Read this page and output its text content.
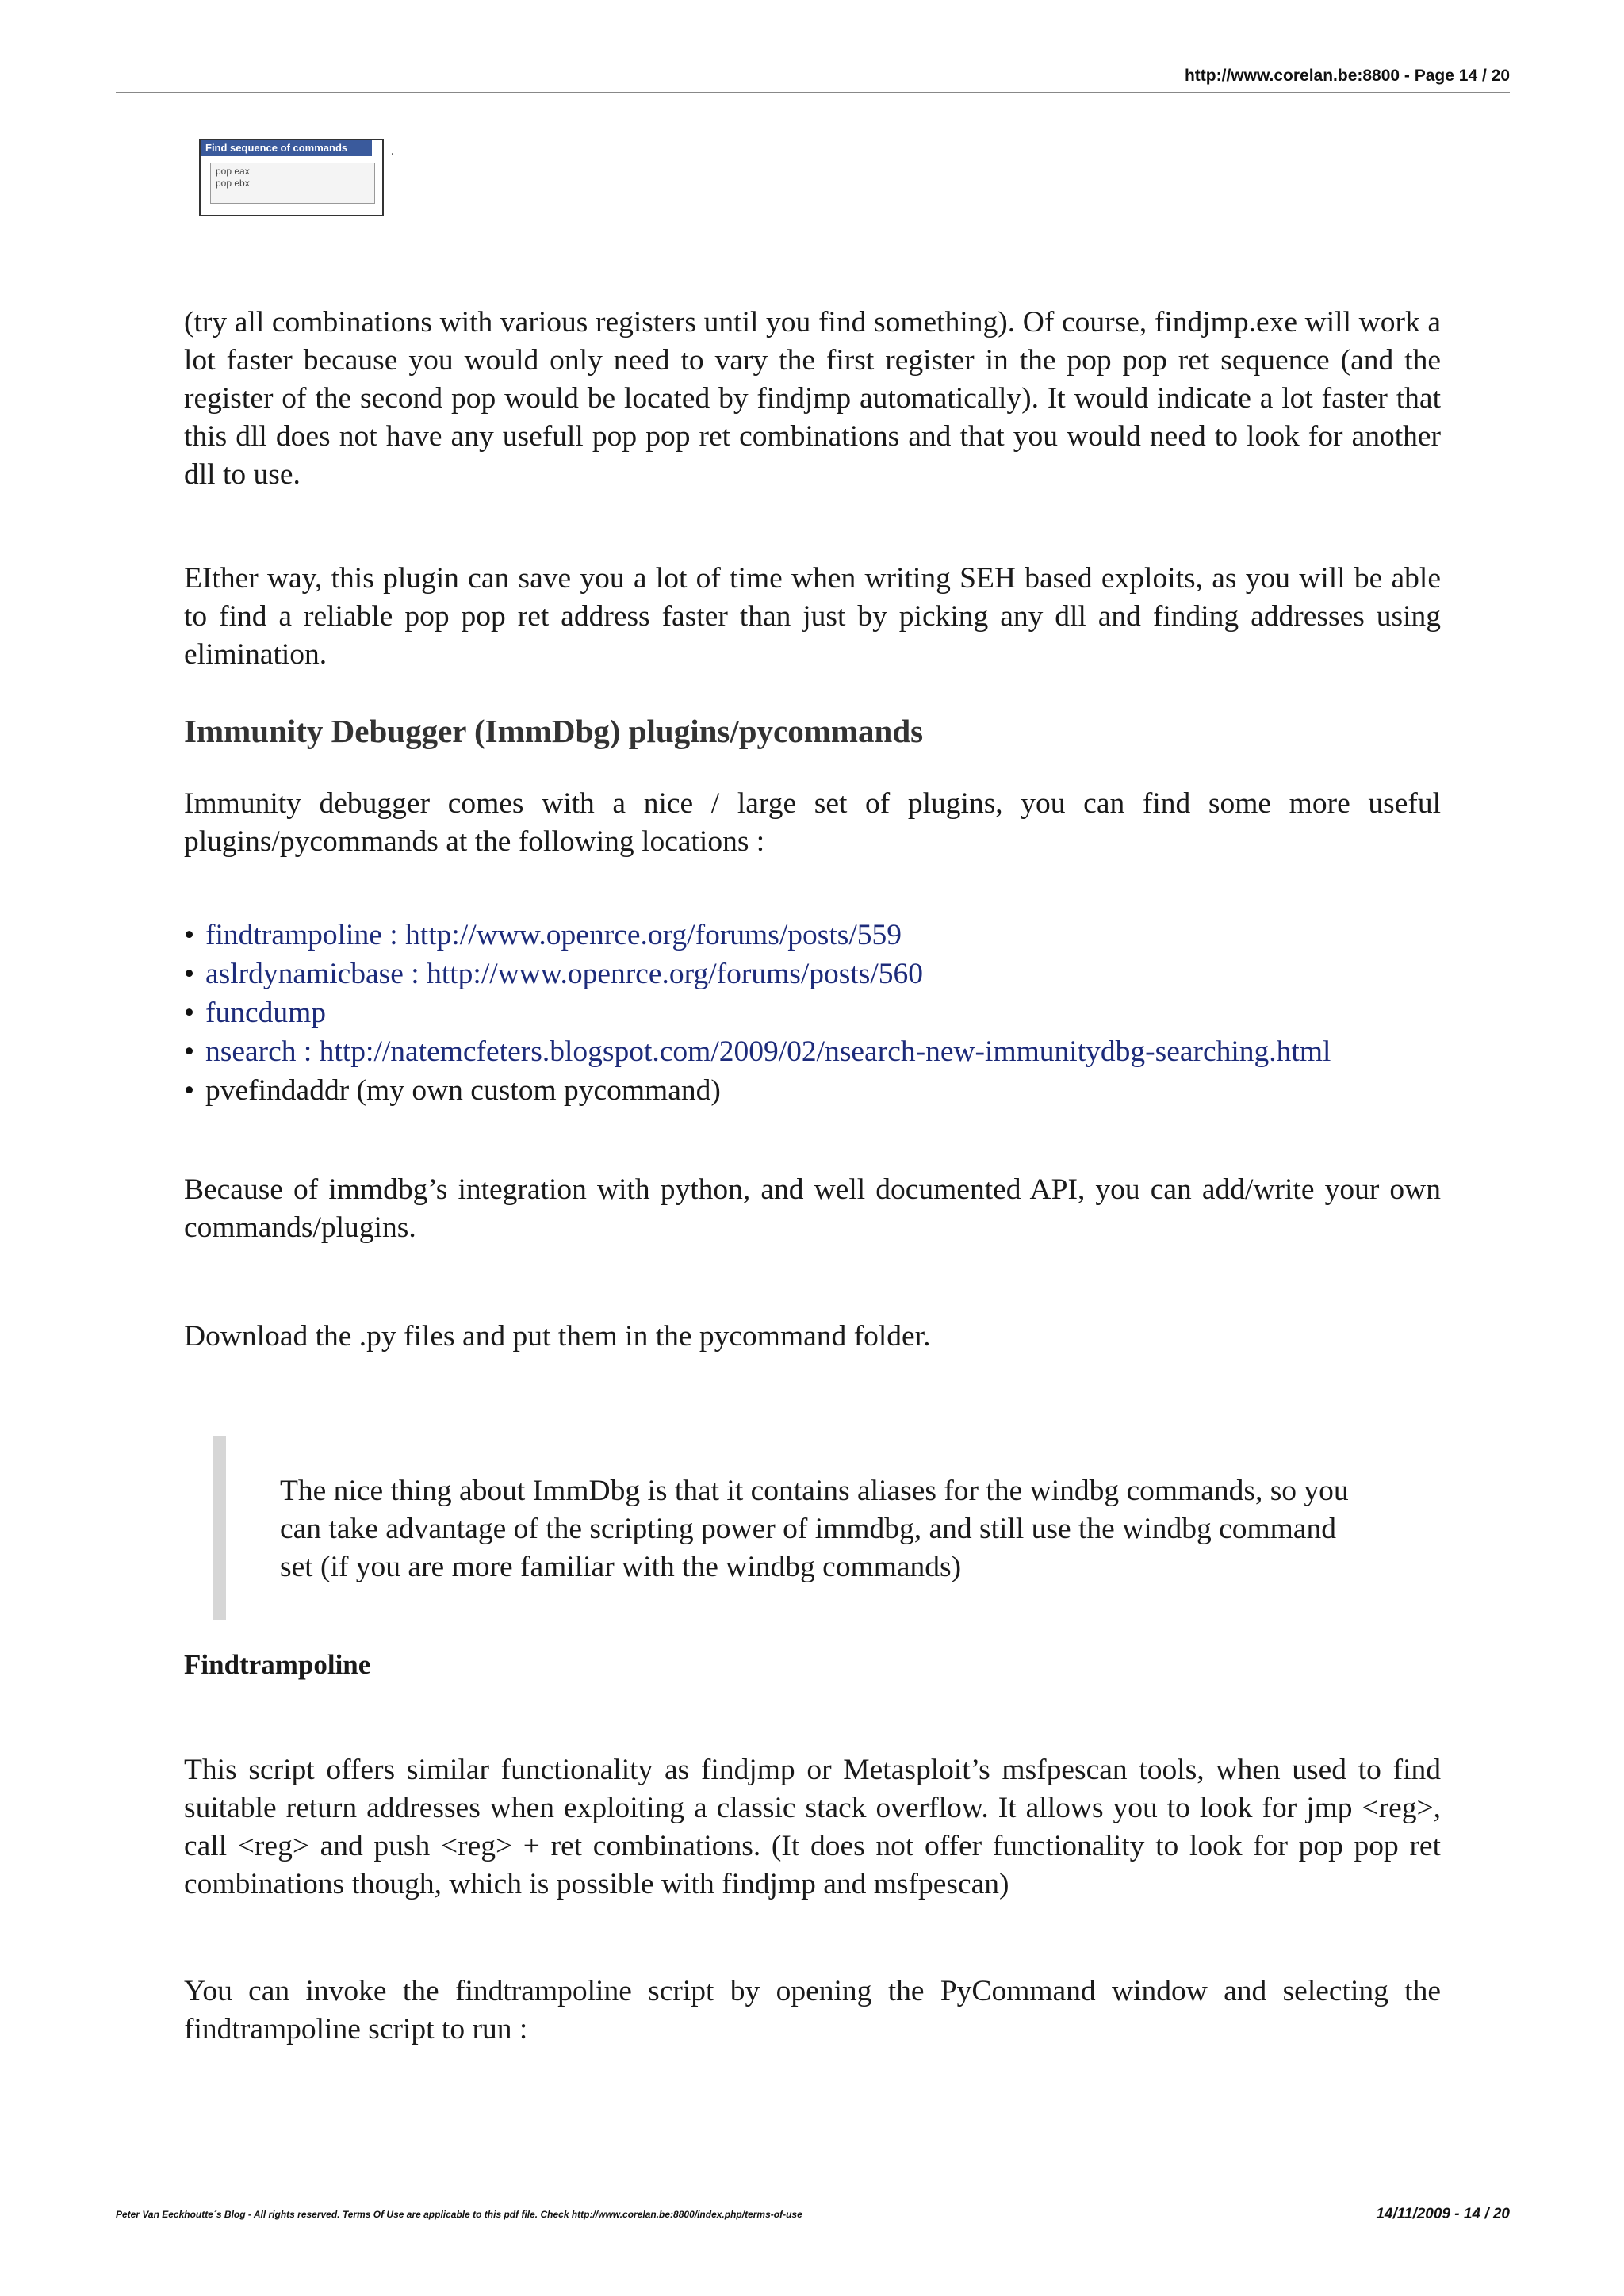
http://www.corelan.be:8800 - Page 14 / 20
Find sequence of commands
pop eax
pop ebx
.

(try all combinations with various registers until you find something). Of course, findjmp.exe will work a lot faster because you would only need to vary the first register in the pop pop ret sequence (and the register of the second pop would be located by findjmp automatically). It would indicate a lot faster that this dll does not have any usefull pop pop ret combinations and that you would need to look for another dll to use.

EIther way, this plugin can save you a lot of time when writing SEH based exploits, as you will be able to find a reliable pop pop ret address faster than just by picking any dll and finding addresses using elimination.

Immunity Debugger (ImmDbg) plugins/pycommands

Immunity debugger comes with a nice / large set of plugins, you can find some more useful plugins/pycommands at the following locations :

• findtrampoline : http://www.openrce.org/forums/posts/559
• aslrdynamicbase : http://www.openrce.org/forums/posts/560
• funcdump
• nsearch : http://natemcfeters.blogspot.com/2009/02/nsearch-new-immunitydbg-searching.html
• pvefindaddr (my own custom pycommand)

Because of immdbg’s integration with python, and well documented API, you can add/write your own commands/plugins.

Download the .py files and put them in the pycommand folder.

The nice thing about ImmDbg is that it contains aliases for the windbg commands, so you can take advantage of the scripting power of immdbg, and still use the windbg command set (if you are more familiar with the windbg commands)
Findtrampoline

This script offers similar functionality as findjmp or Metasploit’s msfpescan tools, when used to find suitable return addresses when exploiting a classic stack overflow. It allows you to look for jmp <reg>, call <reg> and push <reg> + ret combinations. (It does not offer functionality to look for pop pop ret combinations though, which is possible with findjmp and msfpescan)

You can invoke the findtrampoline script by opening the PyCommand window and selecting the findtrampoline script to run :

Peter Van Eeckhoutte´s Blog - All rights reserved. Terms Of Use are applicable to this pdf file. Check http://www.corelan.be:8800/index.php/terms-of-use	14/11/2009 - 14 / 20
